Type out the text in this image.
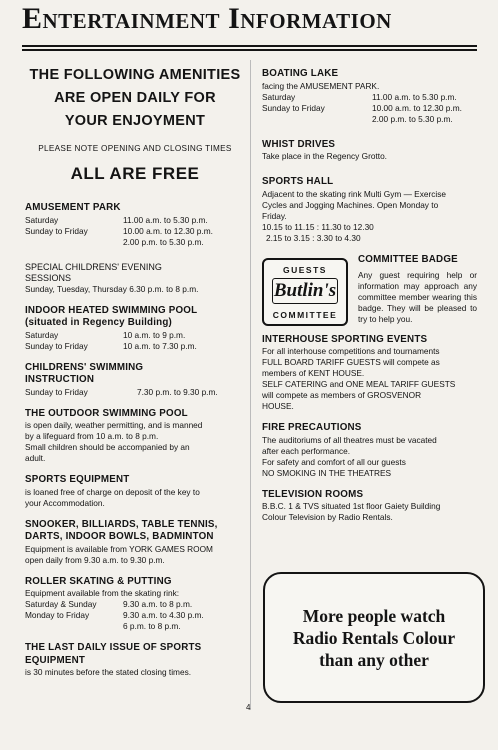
Entertainment Information
THE FOLLOWING AMENITIES
ARE OPEN DAILY FOR
YOUR ENJOYMENT
PLEASE NOTE OPENING AND CLOSING TIMES
ALL ARE FREE
AMUSEMENT PARK
Saturday	11.00 a.m. to 5.30 p.m.
Sunday to Friday	10.00 a.m. to 12.30 p.m.
2.00 p.m. to 5.30 p.m.
SPECIAL CHILDRENS' EVENING
SESSIONS
Sunday, Tuesday, Thursday 6.30 p.m. to 8 p.m.
INDOOR HEATED SWIMMING POOL
(situated in Regency Building)
Saturday	10 a.m. to 9 p.m.
Sunday to Friday	10 a.m. to 7.30 p.m.
CHILDRENS' SWIMMING
INSTRUCTION
Sunday to Friday	7.30 p.m. to 9.30 p.m.
THE OUTDOOR SWIMMING POOL
is open daily, weather permitting, and is manned
by a lifeguard from 10 a.m. to 8 p.m.
Small children should be accompanied by an
adult.
SPORTS EQUIPMENT
is loaned free of charge on deposit of the key to
your Accommodation.
SNOOKER, BILLIARDS, TABLE TENNIS,
DARTS, INDOOR BOWLS, BADMINTON
Equipment is available from YORK GAMES ROOM
open daily from 9.30 a.m. to 9.30 p.m.
ROLLER SKATING & PUTTING
Equipment available from the skating rink:
Saturday & Sunday	9.30 a.m. to 8 p.m.
Monday to Friday	9.30 a.m. to 4.30 p.m.
6 p.m. to 8 p.m.
THE LAST DAILY ISSUE OF SPORTS
EQUIPMENT
is 30 minutes before the stated closing times.
BOATING LAKE
facing the AMUSEMENT PARK.
Saturday	11.00 a.m. to 5.30 p.m.
Sunday to Friday	10.00 a.m. to 12.30 p.m.
2.00 p.m. to 5.30 p.m.
WHIST DRIVES
Take place in the Regency Grotto.
SPORTS HALL
Adjacent to the skating rink Multi Gym — Exercise
Cycles and Jogging Machines. Open Monday to
Friday.
10.15 to 11.15 : 11.30 to 12.30
2.15 to 3.15 : 3.30 to 4.30
GUESTS
Butlin's
COMMITTEE
COMMITTEE BADGE
Any guest requiring help or information may approach any committee member wearing this badge. They will be pleased to try to help you.
INTERHOUSE SPORTING EVENTS
For all interhouse competitions and tournaments
FULL BOARD TARIFF GUESTS will compete as
members of KENT HOUSE.
SELF CATERING and ONE MEAL TARIFF GUESTS
will compete as members of GROSVENOR
HOUSE.
FIRE PRECAUTIONS
The auditoriums of all theatres must be vacated
after each performance.
For safety and comfort of all our guests
NO SMOKING IN THE THEATRES
TELEVISION ROOMS
B.B.C. 1 & TVS situated 1st floor Gaiety Building
Colour Television by Radio Rentals.
More people watch
Radio Rentals Colour
than any other
4
